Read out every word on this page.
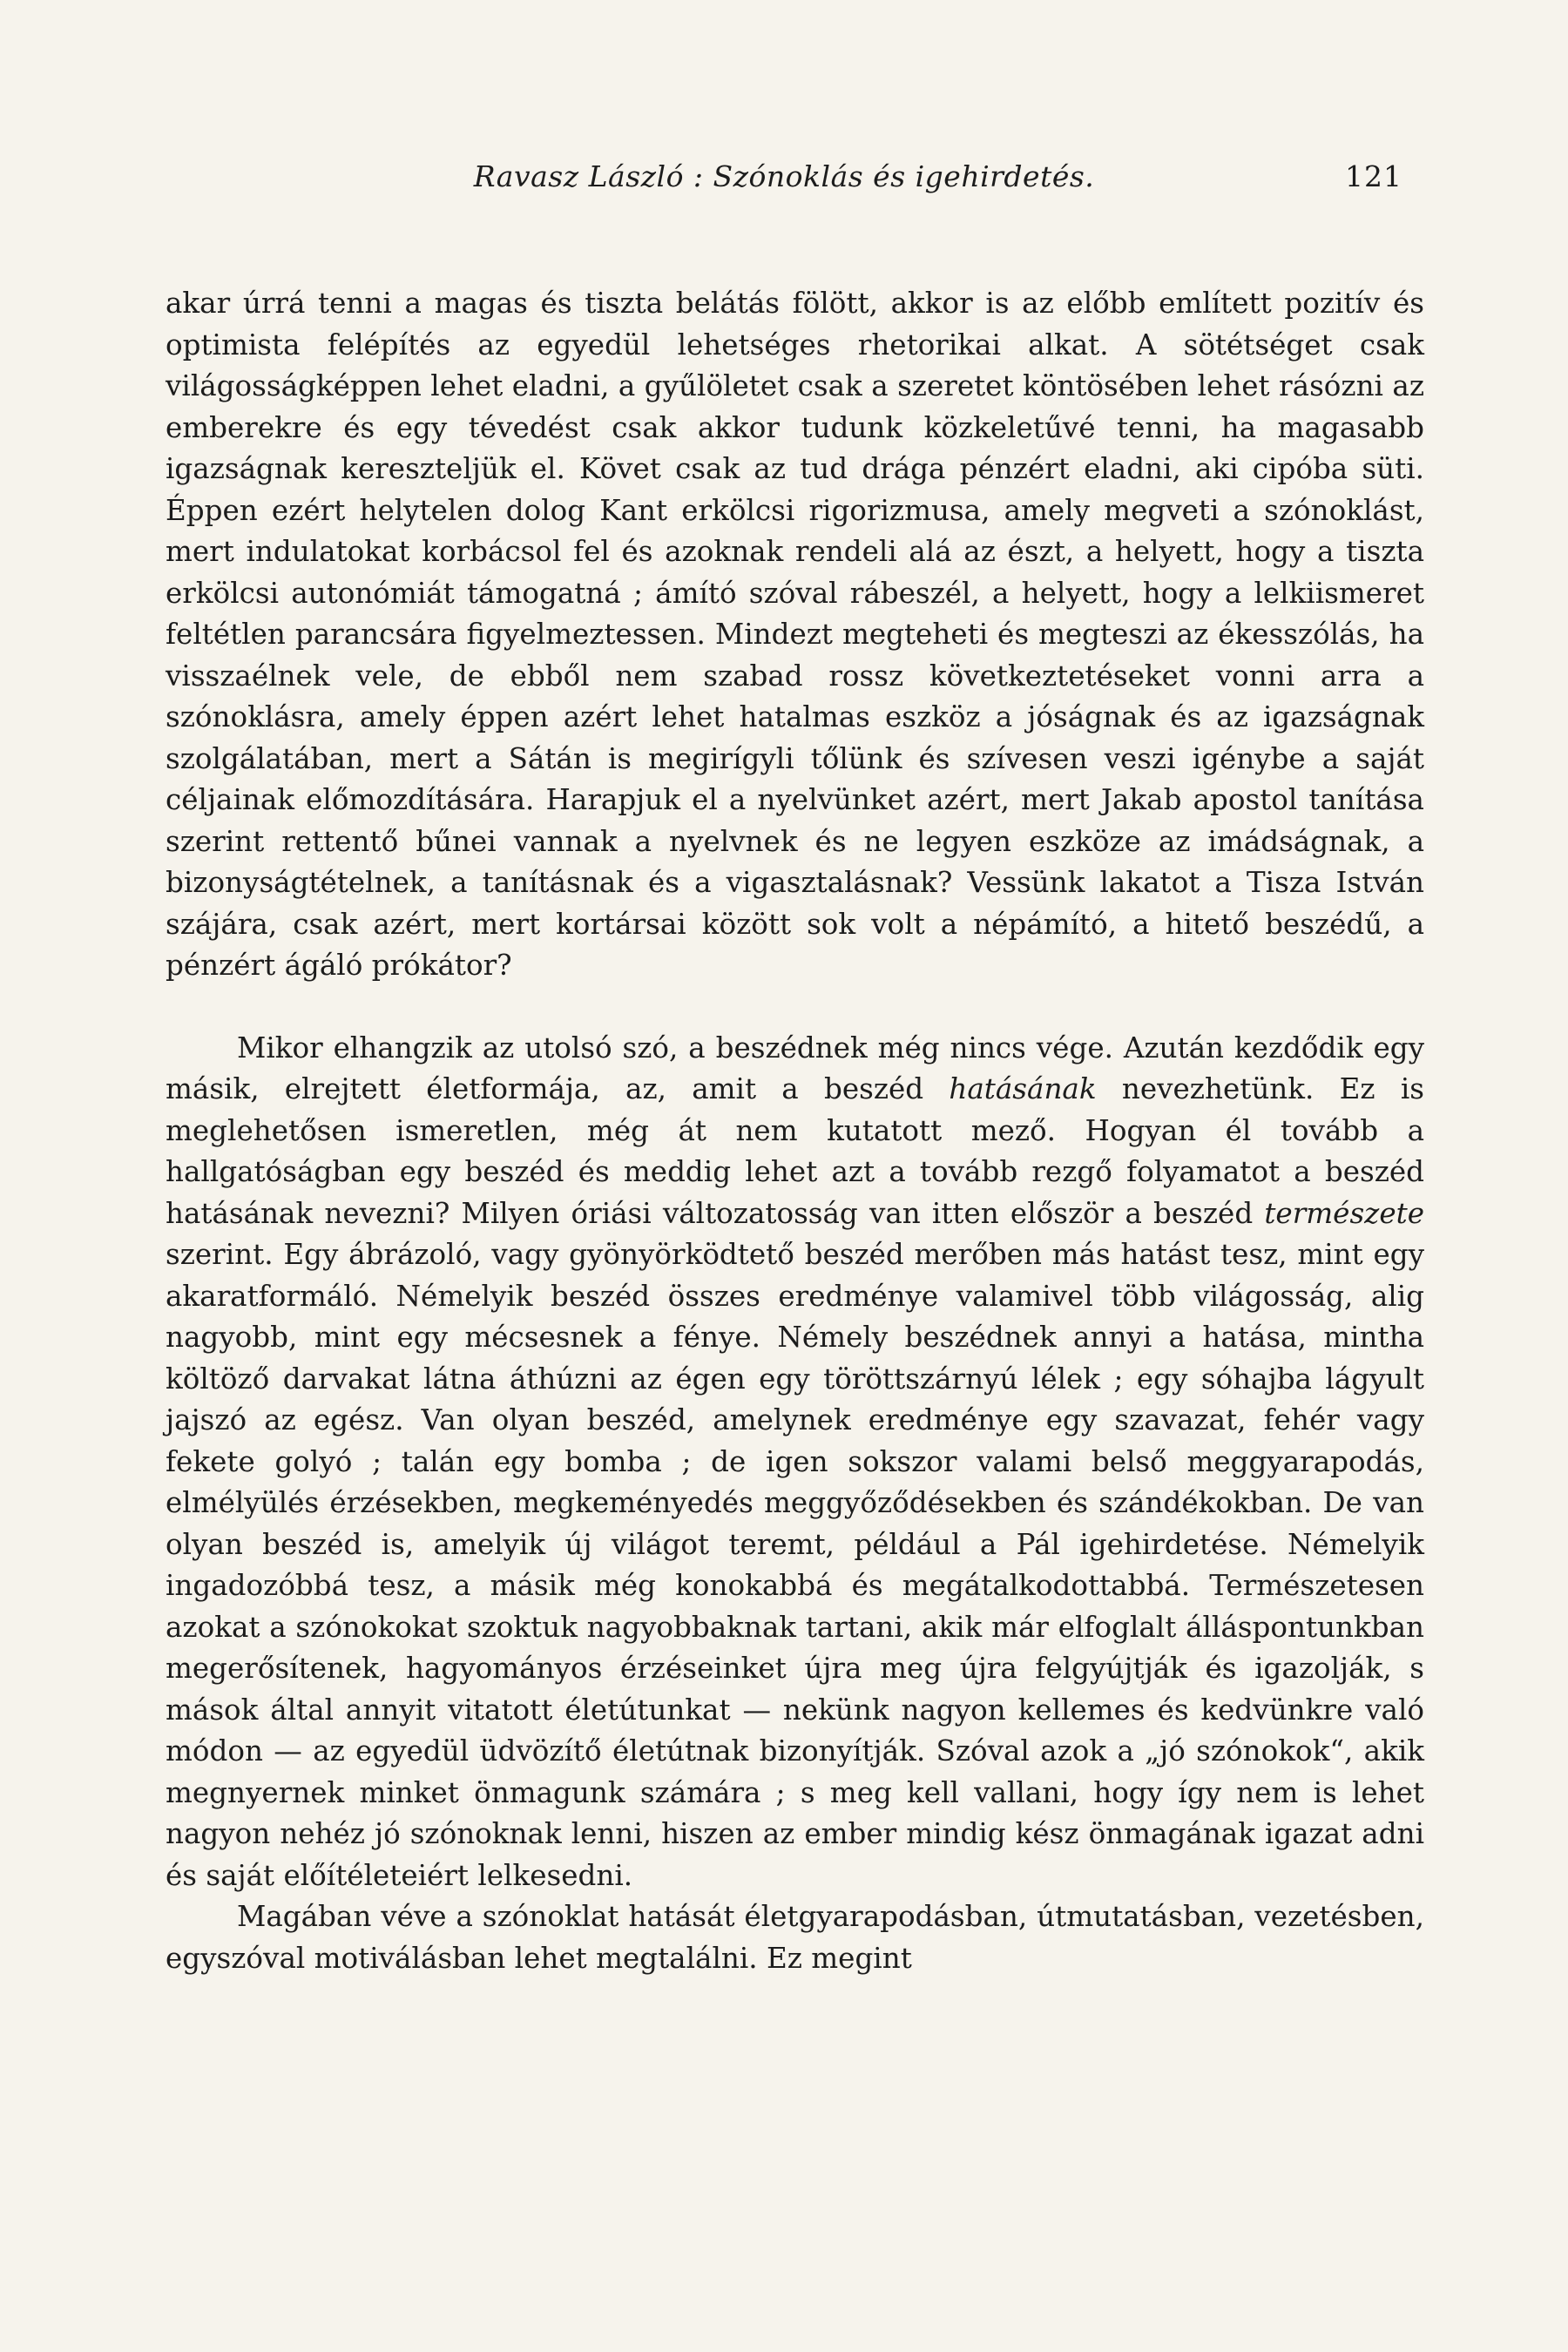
Ravasz László : Szónoklás és igehirdetés.	121

akar úrrá tenni a magas és tiszta belátás fölött, akkor is az előbb említett pozitív és optimista felépítés az egyedül lehetséges rhetorikai alkat. A sötétséget csak világosságképpen lehet eladni, a gyűlöletet csak a szeretet köntösében lehet rásózni az emberekre és egy tévedést csak akkor tudunk közkeletűvé tenni, ha magasabb igazságnak kereszteljük el. Követ csak az tud drága pénzért eladni, aki cipóba süti. Éppen ezért helytelen dolog Kant erkölcsi rigorizmusa, amely megveti a szónoklást, mert indulatokat korbácsol fel és azoknak rendeli alá az észt, a helyett, hogy a tiszta erkölcsi autonómiát támogatná ; ámító szóval rábeszél, a helyett, hogy a lelkiismeret feltétlen parancsára figyelmeztessen. Mindezt megteheti és megteszi az ékesszólás, ha visszaélnek vele, de ebből nem szabad rossz következtetéseket vonni arra a szónoklásra, amely éppen azért lehet hatalmas eszköz a jóságnak és az igazságnak szolgálatában, mert a Sátán is megirígyli tőlünk és szívesen veszi igénybe a saját céljainak előmozdítására. Harapjuk el a nyelvünket azért, mert Jakab apostol tanítása szerint rettentő bűnei vannak a nyelvnek és ne legyen eszköze az imádságnak, a bizonyságtételnek, a tanításnak és a vigasztalásnak? Vessünk lakatot a Tisza István szájára, csak azért, mert kortársai között sok volt a népámító, a hitető beszédű, a pénzért ágáló prókátor?

Mikor elhangzik az utolsó szó, a beszédnek még nincs vége. Azután kezdődik egy másik, elrejtett életformája, az, amit a beszéd hatásának nevezhetünk. Ez is meglehetősen ismeretlen, még át nem kutatott mező. Hogyan él tovább a hallgatóságban egy beszéd és meddig lehet azt a tovább rezgő folyamatot a beszéd hatásának nevezni? Milyen óriási változatosság van itten először a beszéd természete szerint. Egy ábrázoló, vagy gyönyörködtető beszéd merőben más hatást tesz, mint egy akaratformáló. Némelyik beszéd összes eredménye valamivel több világosság, alig nagyobb, mint egy mécsesnek a fénye. Némely beszédnek annyi a hatása, mintha költöző darvakat látna áthúzni az égen egy töröttszárnyú lélek ; egy sóhajba lágyult jajszó az egész. Van olyan beszéd, amelynek eredménye egy szavazat, fehér vagy fekete golyó ; talán egy bomba ; de igen sokszor valami belső meggyarapodás, elmélyülés érzésekben, megkeményedés meggyőződésekben és szándékokban. De van olyan beszéd is, amelyik új világot teremt, például a Pál igehirdetése. Némelyik ingadozóbbá tesz, a másik még konokabbá és megátalkodottabbá. Természetesen azokat a szónokokat szoktuk nagyobbaknak tartani, akik már elfoglalt álláspontunkban megerősítenek, hagyományos érzéseinket újra meg újra felgyújtják és igazolják, s mások által annyit vitatott életútunkat — nekünk nagyon kellemes és kedvünkre való módon — az egyedül üdvözítő életútnak bizonyítják. Szóval azok a „jó szónokok“, akik megnyernek minket önmagunk számára ; s meg kell vallani, hogy így nem is lehet nagyon nehéz jó szónoknak lenni, hiszen az ember mindig kész önmagának igazat adni és saját előítéleteiért lelkesedni.

Magában véve a szónoklat hatását életgyarapodásban, útmutatásban, vezetésben, egyszóval motiválásban lehet megtalálni. Ez megint
